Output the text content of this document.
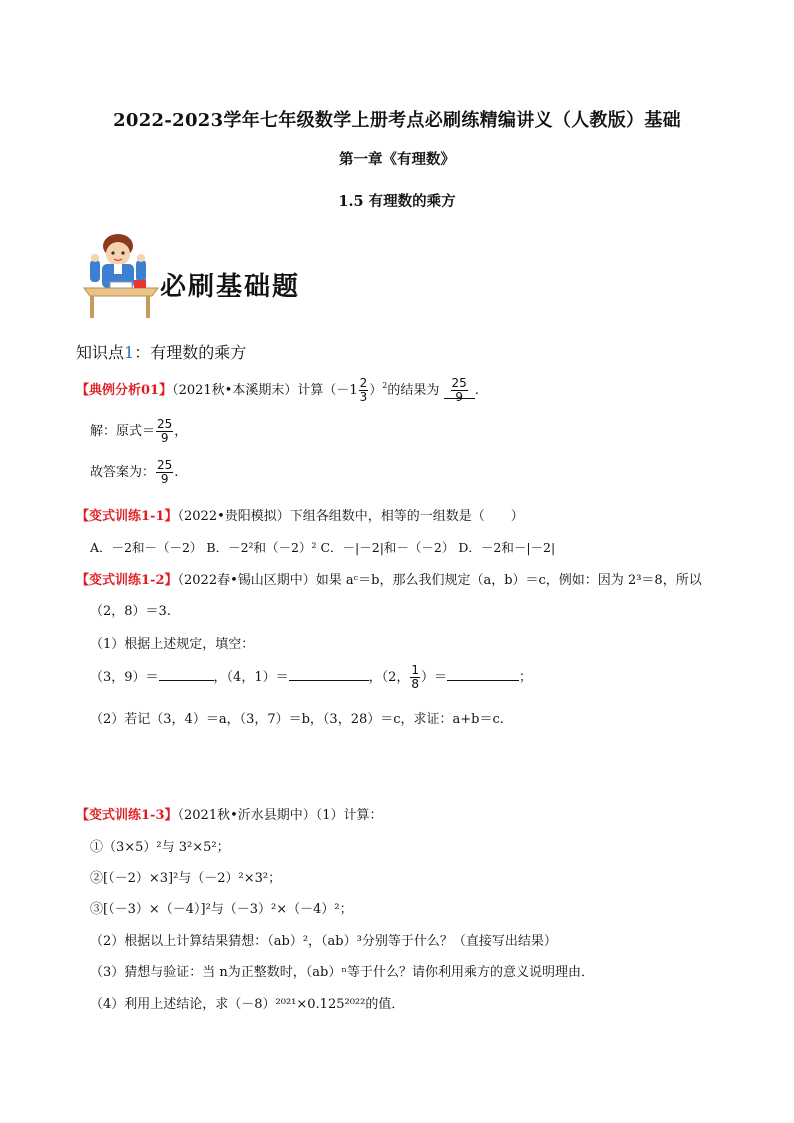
2022-2023学年七年级数学上册考点必刷练精编讲义（人教版）基础
第一章《有理数》
1.5 有理数的乘方
必刷基础题
知识点1：有理数的乘方
【典例分析01】（2021秋•本溪期末）计算$(-1 \frac{2}{3} )^2$的结果为 $\frac{25}{9}$ .
解：原式＝ $\frac{25}{9}$ ，
故答案为： $\frac{25}{9}$ .
【变式训练1-1】（2022•贵阳模拟）下组各组数中，相等的一组数是（　　）
A．－2和－（－2） B．－2²和（－2）² C．－|－2|和－（－2） D．－2和－|－2|
【变式训练1-2】（2022春•锡山区期中）如果 aᶜ＝b，那么我们规定（a，b）＝c，例如：因为 2³＝8，所以
（2，8）＝3.
（1）根据上述规定，填空：
（3，9）＝	，（4，1）＝	，（2， $\frac{1}{8}$ ）＝	；
（2）若记（3，4）＝a，（3，7）＝b，（3，28）＝c，求证：a+b＝c.
【变式训练1-3】（2021秋•沂水县期中）（1）计算：
①（3×5）²与 3²×5²；
②[（－2）×3]²与（－2）²×3²；
③[（－3）×（－4）]²与（－3）²×（－4）²；
（2）根据以上计算结果猜想：（ab）²，（ab）³分别等于什么？（直接写出结果）
（3）猜想与验证：当 n为正整数时，（ab）ⁿ等于什么？请你利用乘方的意义说明理由．
（4）利用上述结论，求（－8）²⁰²¹×0.125²⁰²²的值．
